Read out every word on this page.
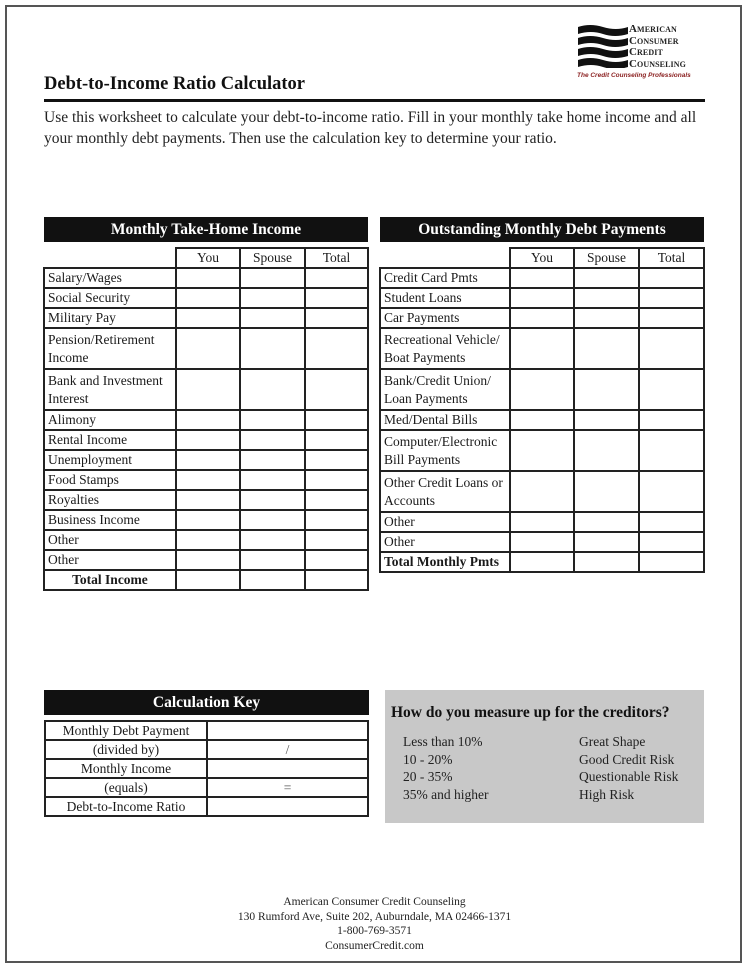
American
Consumer
Credit
Counseling
The Credit Counseling Professionals
Debt-to-Income Ratio Calculator
Use this worksheet to calculate your debt-to-income ratio. Fill in your monthly take home income and all your monthly debt payments. Then use the calculation key to determine your ratio.
Monthly Take-Home Income
	You	Spouse	Total
Salary/Wages			
Social Security			
Military Pay			
Pension/Retirement Income			
Bank and Investment Interest			
Alimony			
Rental Income			
Unemployment			
Food Stamps			
Royalties			
Business Income			
Other			
Other			
Total Income			
Outstanding Monthly Debt Payments
	You	Spouse	Total
Credit Card Pmts			
Student Loans			
Car Payments			
Recreational Vehicle/ Boat Payments			
Bank/Credit Union/ Loan Payments			
Med/Dental Bills			
Computer/Electronic Bill Payments			
Other Credit Loans or Accounts			
Other			
Other			
Total Monthly Pmts			
Calculation Key
Monthly Debt Payment	
(divided by)	/
Monthly Income	
(equals)	=
Debt-to-Income Ratio	
How do you measure up for the creditors?
Less than 10%	Great Shape
10 - 20%	Good Credit Risk
20 - 35%	Questionable Risk
35% and higher	High Risk
American Consumer Credit Counseling
130 Rumford Ave, Suite 202, Auburndale, MA 02466-1371
1-800-769-3571
ConsumerCredit.com
